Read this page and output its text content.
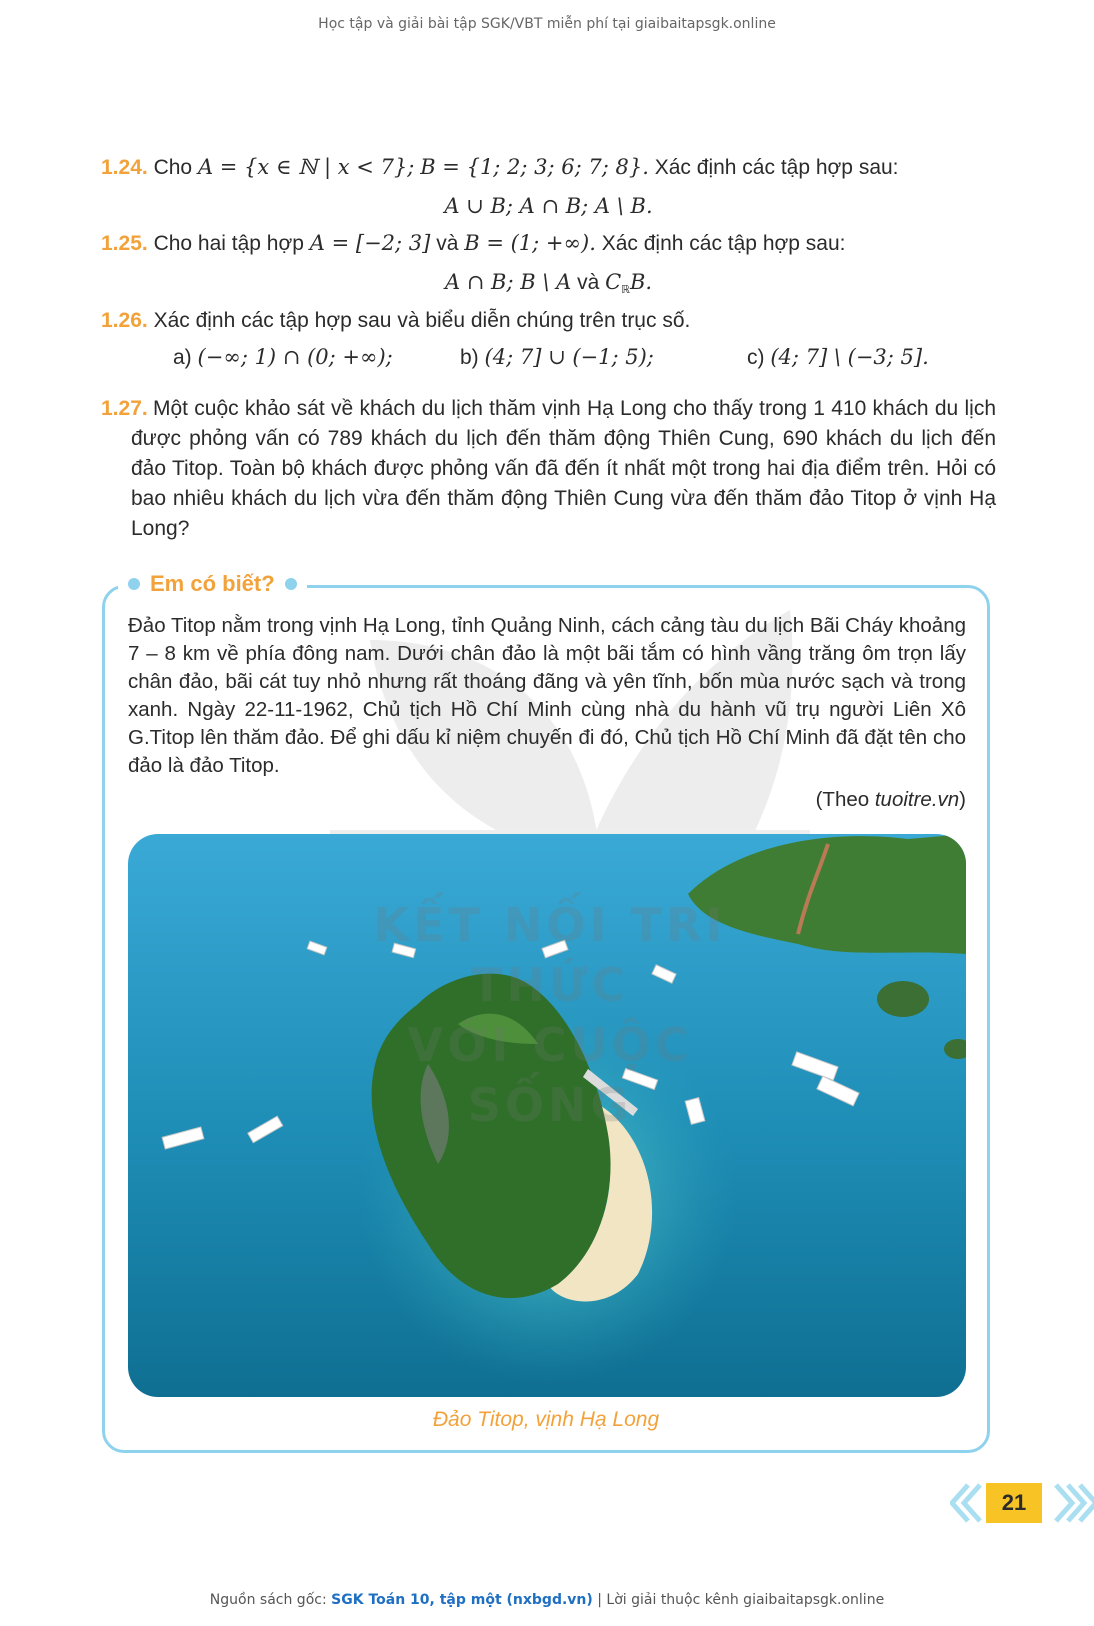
Học tập và giải bài tập SGK/VBT miễn phí tại giaibaitapsgk.online
1.24. Cho A = {x ∈ ℕ | x < 7}; B = {1; 2; 3; 6; 7; 8}. Xác định các tập hợp sau:
A ∪ B; A ∩ B; A \ B.
1.25. Cho hai tập hợp A = [−2; 3] và B = (1; +∞). Xác định các tập hợp sau:
A ∩ B; B \ A và $C_ℝB$.
1.26. Xác định các tập hợp sau và biểu diễn chúng trên trục số.
a) (−∞; 1) ∩ (0; +∞);	b) (4; 7] ∪ (−1; 5);	c) (4; 7] \ (−3; 5].
1.27. Một cuộc khảo sát về khách du lịch thăm vịnh Hạ Long cho thấy trong 1 410 khách du lịch được phỏng vấn có 789 khách du lịch đến thăm động Thiên Cung, 690 khách du lịch đến đảo Titop. Toàn bộ khách được phỏng vấn đã đến ít nhất một trong hai địa điểm trên. Hỏi có bao nhiêu khách du lịch vừa đến thăm động Thiên Cung vừa đến thăm đảo Titop ở vịnh Hạ Long?
Em có biết?
Đảo Titop nằm trong vịnh Hạ Long, tỉnh Quảng Ninh, cách cảng tàu du lịch Bãi Cháy khoảng 7 – 8 km về phía đông nam. Dưới chân đảo là một bãi tắm có hình vầng trăng ôm trọn lấy chân đảo, bãi cát tuy nhỏ nhưng rất thoáng đãng và yên tĩnh, bốn mùa nước sạch và trong xanh. Ngày 22-11-1962, Chủ tịch Hồ Chí Minh cùng nhà du hành vũ trụ người Liên Xô G.Titop lên thăm đảo. Để ghi dấu kỉ niệm chuyến đi đó, Chủ tịch Hồ Chí Minh đã đặt tên cho đảo là đảo Titop.
(Theo tuoitre.vn)
KẾT NỐI TRI THỨC
VỚI CUỘC SỐNG
Đảo Titop, vịnh Hạ Long
21
Nguồn sách gốc: SGK Toán 10, tập một (nxbgd.vn) | Lời giải thuộc kênh giaibaitapsgk.online
